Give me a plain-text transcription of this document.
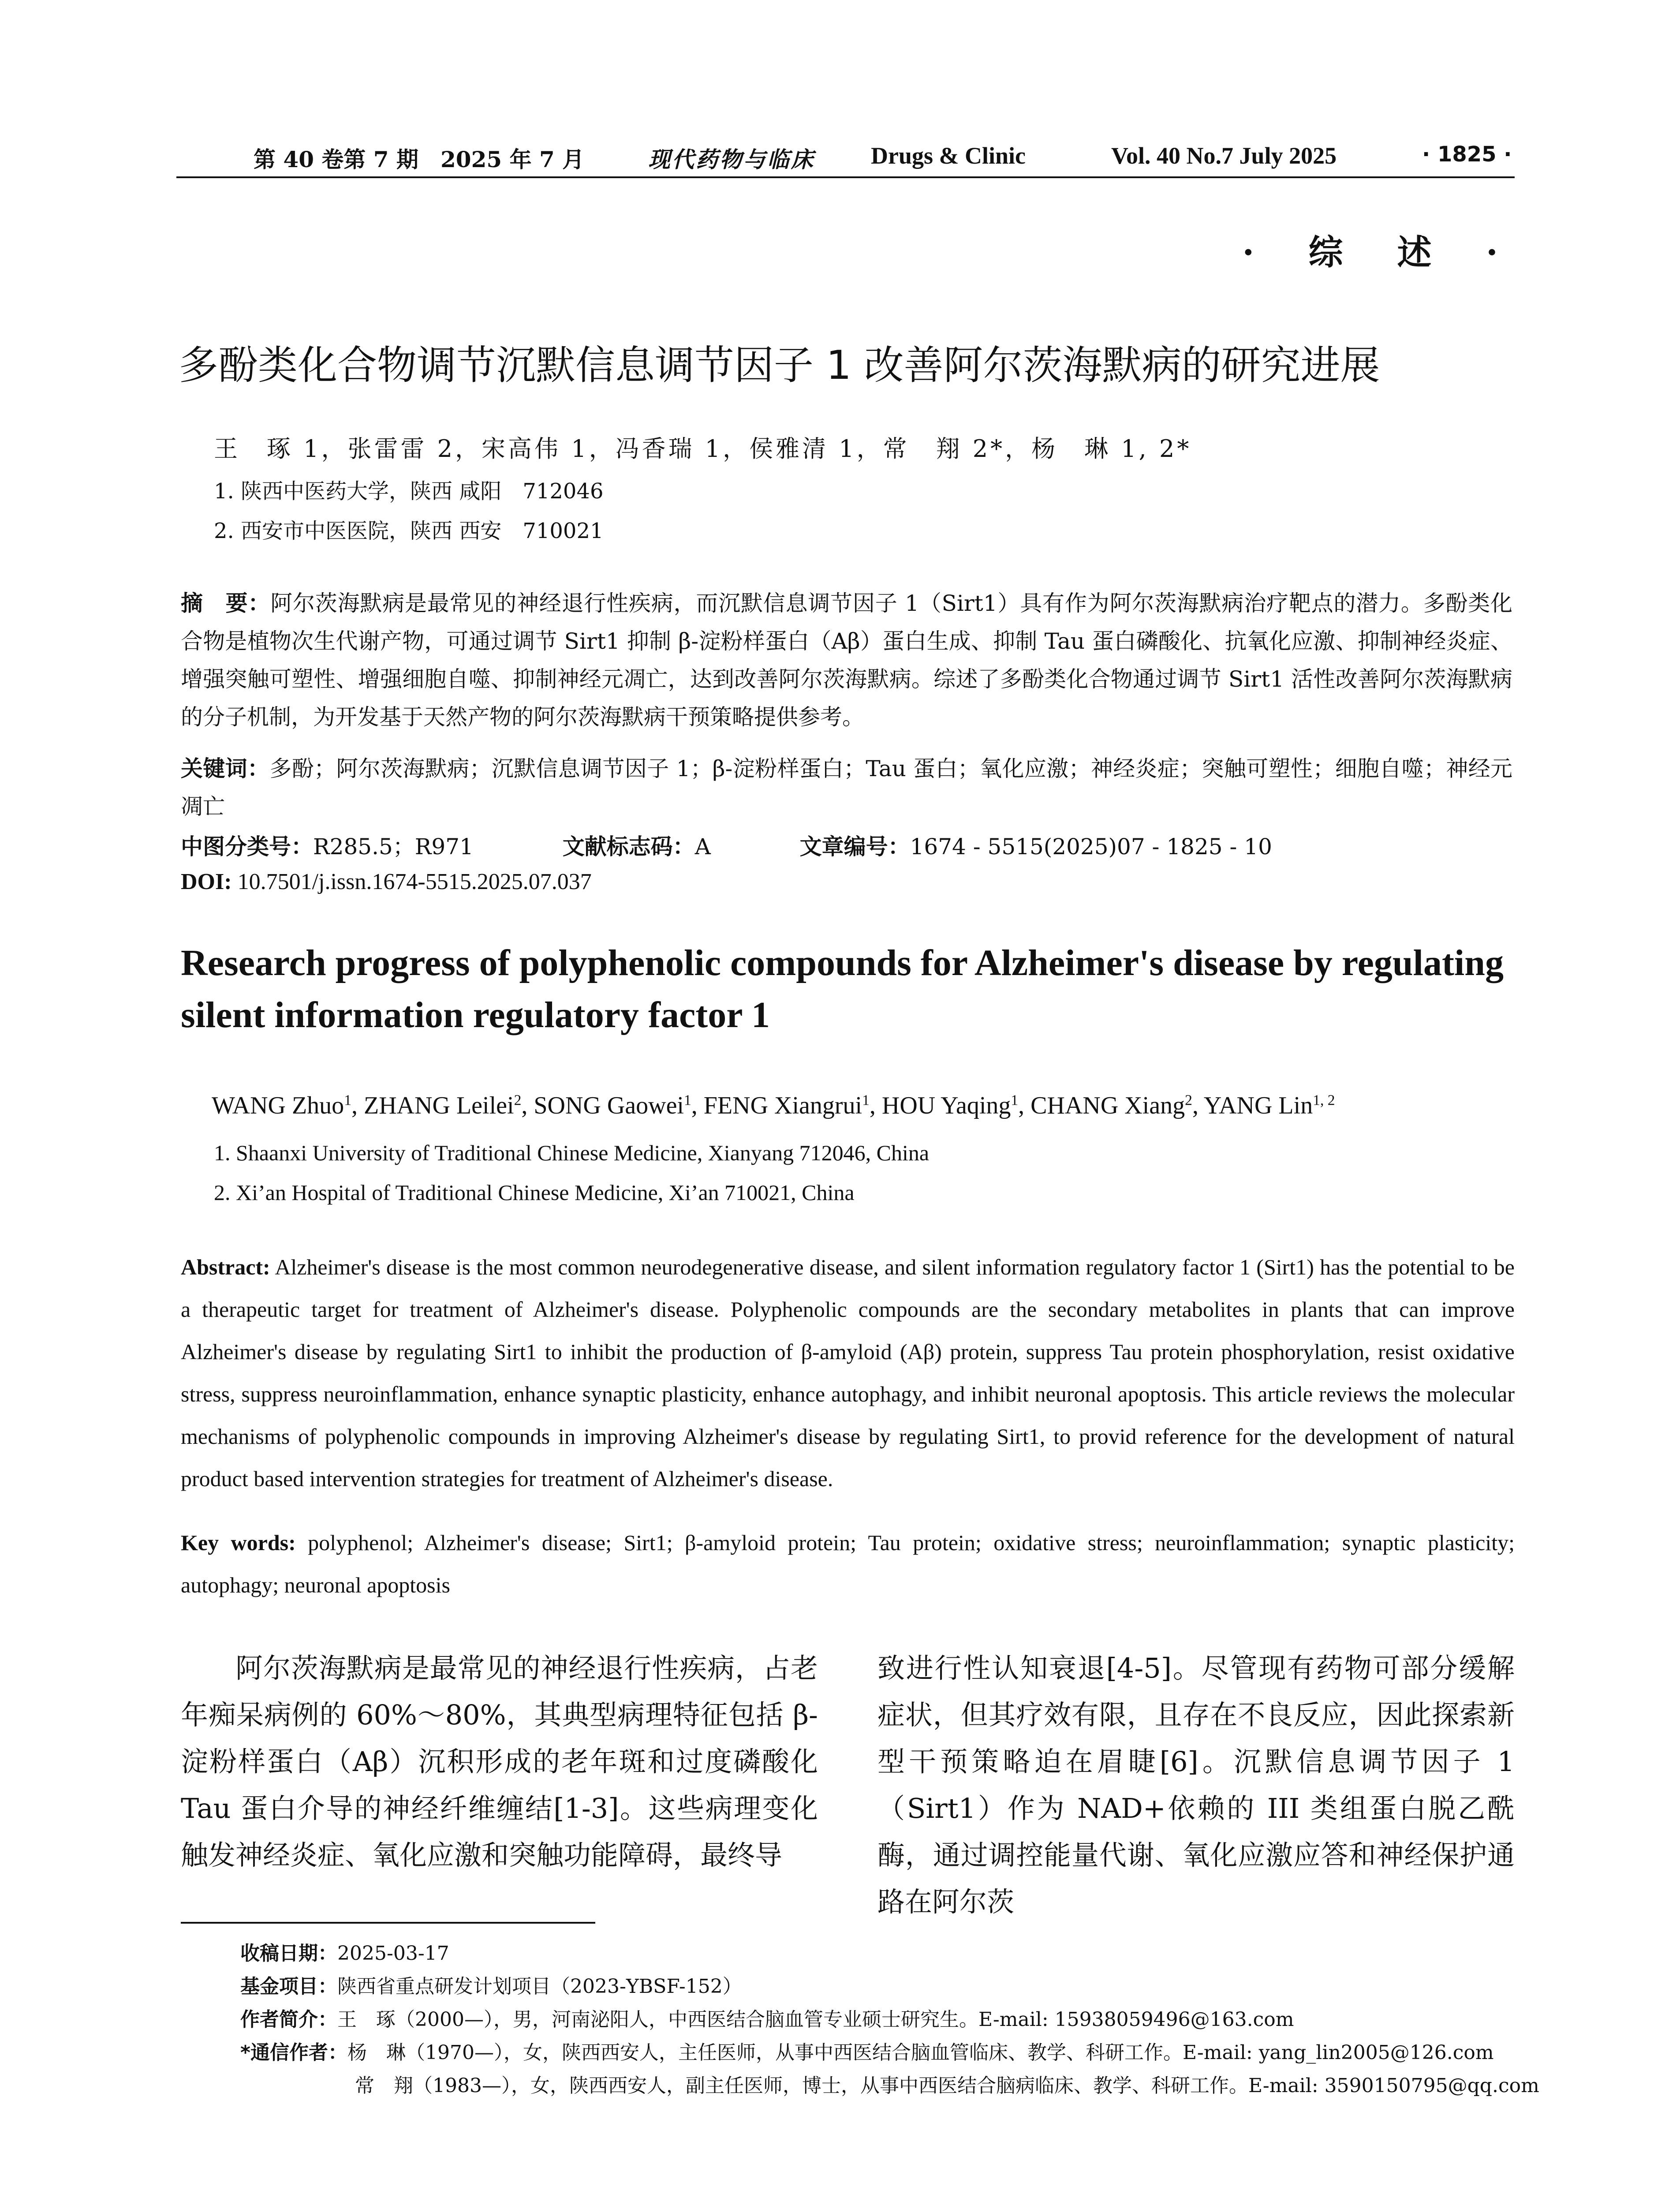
第 40 卷第 7 期　2025 年 7 月	现代药物与临床 Drugs & Clinic	Vol. 40 No.7 July 2025	· 1825 ·
· 综 述 ·
多酚类化合物调节沉默信息调节因子 1 改善阿尔茨海默病的研究进展
王　琢 1，张雷雷 2，宋高伟 1，冯香瑞 1，侯雅清 1，常　翔 2*，杨　琳 1, 2*
1. 陕西中医药大学，陕西 咸阳　712046
2. 西安市中医医院，陕西 西安　710021
摘　要：阿尔茨海默病是最常见的神经退行性疾病，而沉默信息调节因子 1（Sirt1）具有作为阿尔茨海默病治疗靶点的潜力。多酚类化合物是植物次生代谢产物，可通过调节 Sirt1 抑制 β-淀粉样蛋白（Aβ）蛋白生成、抑制 Tau 蛋白磷酸化、抗氧化应激、抑制神经炎症、增强突触可塑性、增强细胞自噬、抑制神经元凋亡，达到改善阿尔茨海默病。综述了多酚类化合物通过调节 Sirt1 活性改善阿尔茨海默病的分子机制，为开发基于天然产物的阿尔茨海默病干预策略提供参考。
关键词：多酚；阿尔茨海默病；沉默信息调节因子 1；β-淀粉样蛋白；Tau 蛋白；氧化应激；神经炎症；突触可塑性；细胞自噬；神经元凋亡
中图分类号：R285.5；R971	文献标志码：A	文章编号：1674 - 5515(2025)07 - 1825 - 10
DOI: 10.7501/j.issn.1674-5515.2025.07.037
Research progress of polyphenolic compounds for Alzheimer's disease by regulating silent information regulatory factor 1
WANG Zhuo$^1$, ZHANG Leilei$^2$, SONG Gaowei$^1$, FENG Xiangrui$^1$, HOU Yaqing$^1$, CHANG Xiang$^2$, YANG Lin$^{1, 2}$
1. Shaanxi University of Traditional Chinese Medicine, Xianyang 712046, China
2. Xi’an Hospital of Traditional Chinese Medicine, Xi’an 710021, China
Abstract: Alzheimer's disease is the most common neurodegenerative disease, and silent information regulatory factor 1 (Sirt1) has the potential to be a therapeutic target for treatment of Alzheimer's disease. Polyphenolic compounds are the secondary metabolites in plants that can improve Alzheimer's disease by regulating Sirt1 to inhibit the production of β-amyloid (Aβ) protein, suppress Tau protein phosphorylation, resist oxidative stress, suppress neuroinflammation, enhance synaptic plasticity, enhance autophagy, and inhibit neuronal apoptosis. This article reviews the molecular mechanisms of polyphenolic compounds in improving Alzheimer's disease by regulating Sirt1, to provid reference for the development of natural product based intervention strategies for treatment of Alzheimer's disease.
Key words: polyphenol; Alzheimer's disease; Sirt1; β-amyloid protein; Tau protein; oxidative stress; neuroinflammation; synaptic plasticity; autophagy; neuronal apoptosis
阿尔茨海默病是最常见的神经退行性疾病，占老年痴呆病例的 60%～80%，其典型病理特征包括 β-淀粉样蛋白（Aβ）沉积形成的老年斑和过度磷酸化 Tau 蛋白介导的神经纤维缠结[1-3]。这些病理变化触发神经炎症、氧化应激和突触功能障碍，最终导
致进行性认知衰退[4-5]。尽管现有药物可部分缓解症状，但其疗效有限，且存在不良反应，因此探索新型干预策略迫在眉睫[6]。沉默信息调节因子 1（Sirt1）作为 NAD+依赖的 III 类组蛋白脱乙酰酶，通过调控能量代谢、氧化应激应答和神经保护通路在阿尔茨
收稿日期：2025-03-17
基金项目：陕西省重点研发计划项目（2023-YBSF-152）
作者简介：王　琢（2000—），男，河南泌阳人，中西医结合脑血管专业硕士研究生。E-mail: 15938059496@163.com
*通信作者：杨　琳（1970—），女，陕西西安人，主任医师，从事中西医结合脑血管临床、教学、科研工作。E-mail: yang_lin2005@126.com
常　翔（1983—），女，陕西西安人，副主任医师，博士，从事中西医结合脑病临床、教学、科研工作。E-mail: 3590150795@qq.com
